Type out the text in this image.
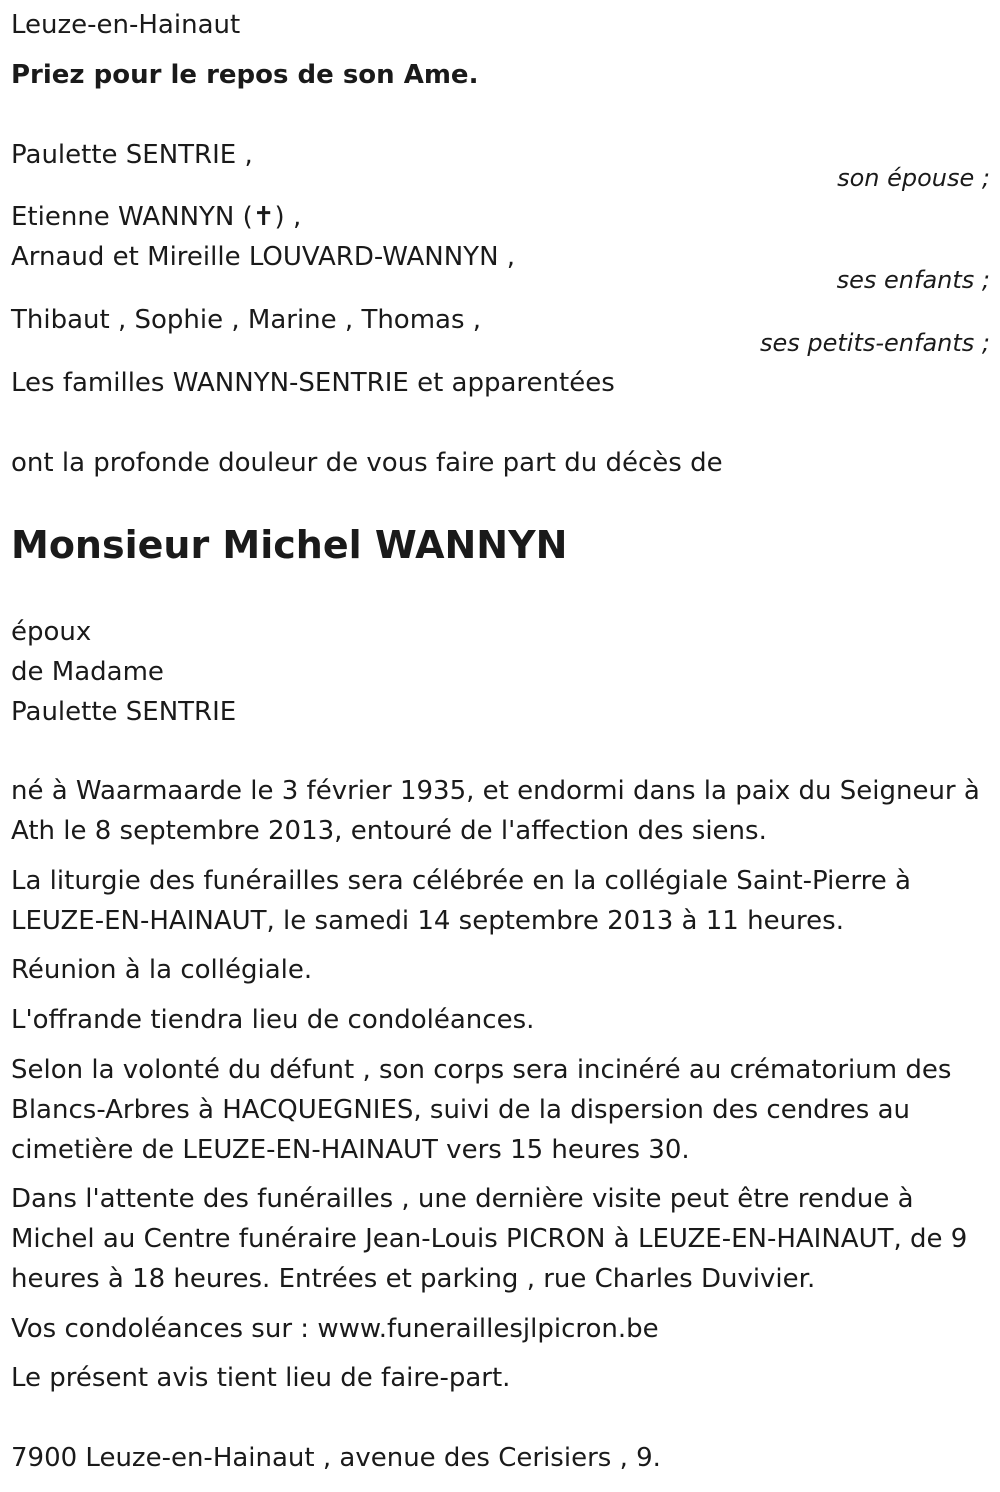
Leuze-en-Hainaut
Priez pour le repos de son Ame.
Paulette SENTRIE ,
son épouse ;
Etienne WANNYN (✝) ,
Arnaud et Mireille LOUVARD-WANNYN ,
ses enfants ;
Thibaut , Sophie , Marine , Thomas ,
ses petits-enfants ;
Les familles WANNYN-SENTRIE et apparentées
ont la profonde douleur de vous faire part du décès de
Monsieur Michel WANNYN
époux
de Madame
Paulette SENTRIE
né à Waarmaarde le 3 février 1935, et endormi dans la paix du Seigneur à Ath le 8 septembre 2013, entouré de l'affection des siens.
La liturgie des funérailles sera célébrée en la collégiale Saint-Pierre à LEUZE-EN-HAINAUT, le samedi 14 septembre 2013 à 11 heures.
Réunion à la collégiale.
L'offrande tiendra lieu de condoléances.
Selon la volonté du défunt , son corps sera incinéré au crématorium des Blancs-Arbres à HACQUEGNIES, suivi de la dispersion des cendres au cimetière de LEUZE-EN-HAINAUT vers 15 heures 30.
Dans l'attente des funérailles , une dernière visite peut être rendue à Michel au Centre funéraire Jean-Louis PICRON à LEUZE-EN-HAINAUT, de 9 heures à 18 heures. Entrées et parking , rue Charles Duvivier.
Vos condoléances sur : www.funeraillesjlpicron.be
Le présent avis tient lieu de faire-part.
7900 Leuze-en-Hainaut , avenue des Cerisiers , 9.
